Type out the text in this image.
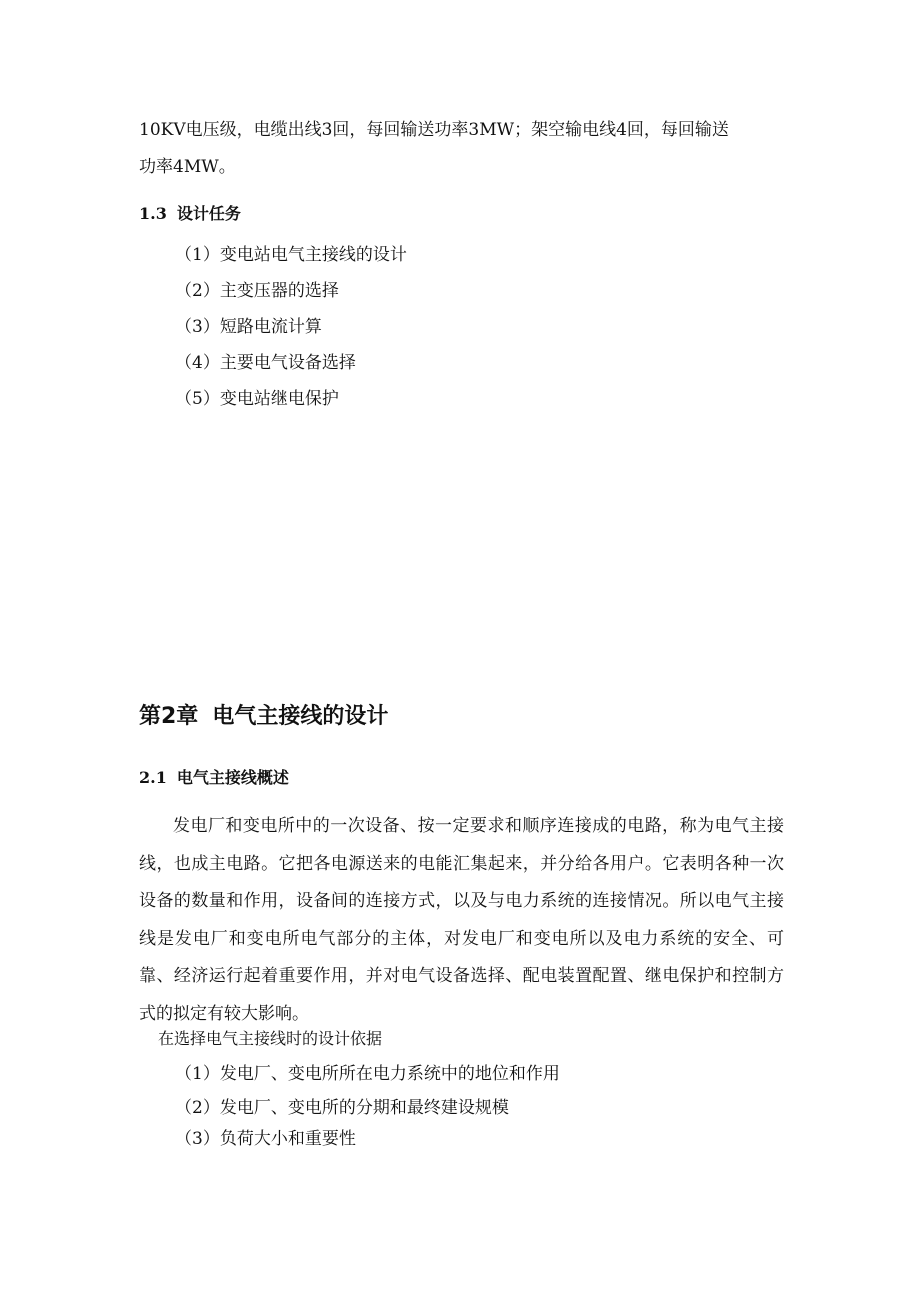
10KV电压级，电缆出线3回，每回输送功率3MW；架空输电线4回，每回输送
功率4MW。
1.3 设计任务
（1）变电站电气主接线的设计
（2）主变压器的选择
（3）短路电流计算
（4）主要电气设备选择
（5）变电站继电保护
第2章 电气主接线的设计
2.1 电气主接线概述
发电厂和变电所中的一次设备、按一定要求和顺序连接成的电路，称为电气主接线，也成主电路。它把各电源送来的电能汇集起来，并分给各用户。它表明各种一次设备的数量和作用，设备间的连接方式，以及与电力系统的连接情况。所以电气主接线是发电厂和变电所电气部分的主体，对发电厂和变电所以及电力系统的安全、可靠、经济运行起着重要作用，并对电气设备选择、配电装置配置、继电保护和控制方式的拟定有较大影响。
在选择电气主接线时的设计依据
（1）发电厂、变电所所在电力系统中的地位和作用
（2）发电厂、变电所的分期和最终建设规模
（3）负荷大小和重要性
